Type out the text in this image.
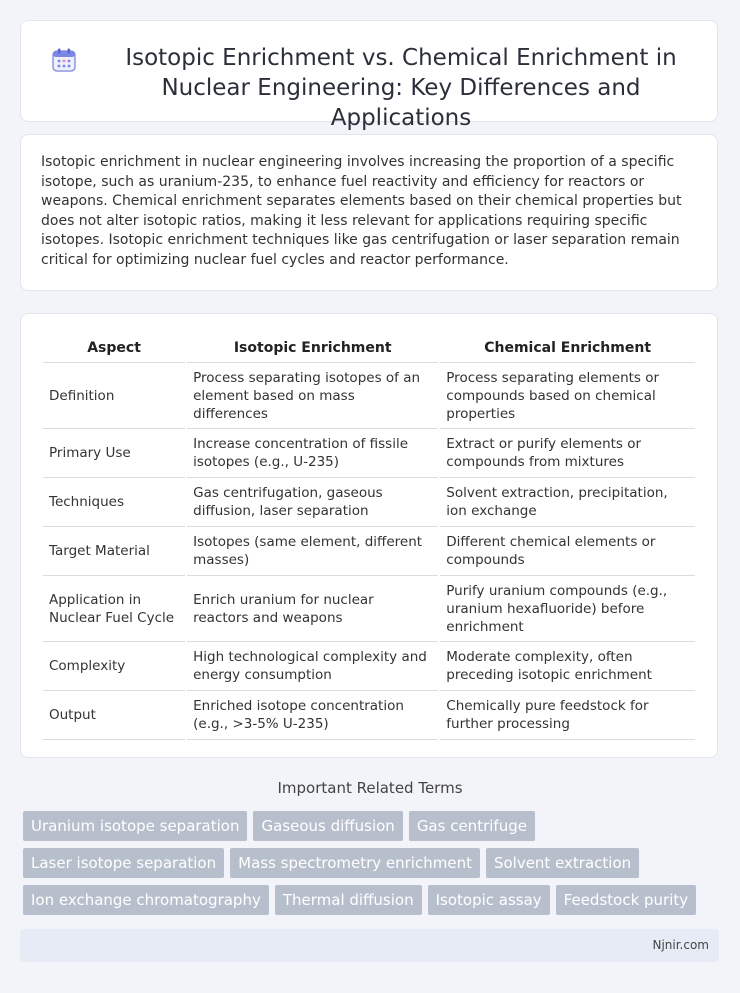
Isotopic Enrichment vs. Chemical Enrichment in Nuclear Engineering: Key Differences and Applications

Isotopic enrichment in nuclear engineering involves increasing the proportion of a specific isotope, such as uranium-235, to enhance fuel reactivity and efficiency for reactors or weapons. Chemical enrichment separates elements based on their chemical properties but does not alter isotopic ratios, making it less relevant for applications requiring specific isotopes. Isotopic enrichment techniques like gas centrifugation or laser separation remain critical for optimizing nuclear fuel cycles and reactor performance.

Aspect	Isotopic Enrichment	Chemical Enrichment
Definition	Process separating isotopes of an element based on mass differences	Process separating elements or compounds based on chemical properties
Primary Use	Increase concentration of fissile isotopes (e.g., U-235)	Extract or purify elements or compounds from mixtures
Techniques	Gas centrifugation, gaseous diffusion, laser separation	Solvent extraction, precipitation, ion exchange
Target Material	Isotopes (same element, different masses)	Different chemical elements or compounds
Application in Nuclear Fuel Cycle	Enrich uranium for nuclear reactors and weapons	Purify uranium compounds (e.g., uranium hexafluoride) before enrichment
Complexity	High technological complexity and energy consumption	Moderate complexity, often preceding isotopic enrichment
Output	Enriched isotope concentration (e.g., >3-5% U-235)	Chemically pure feedstock for further processing
Important Related Terms
Uranium isotope separation	Gaseous diffusion	Gas centrifuge
Laser isotope separation	Mass spectrometry enrichment	Solvent extraction
Ion exchange chromatography	Thermal diffusion	Isotopic assay	Feedstock purity
Njnir.com
